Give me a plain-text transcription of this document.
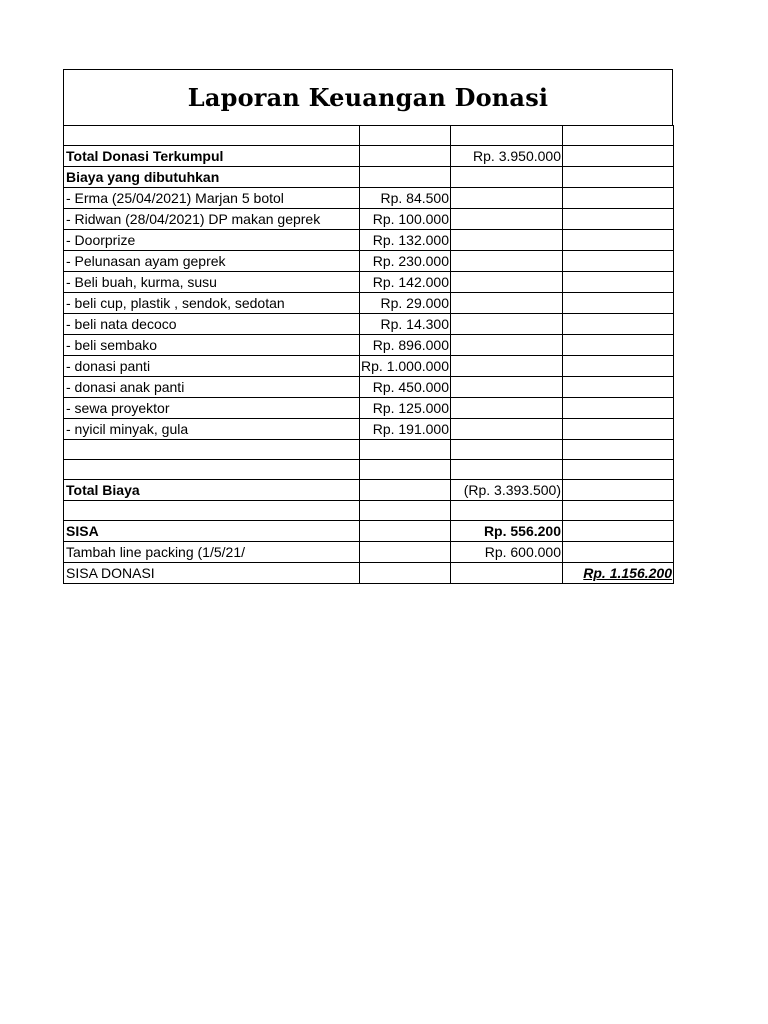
Laporan Keuangan Donasi

Total Donasi Terkumpul		Rp. 3.950.000	
Biaya yang dibutuhkan			
- Erma (25/04/2021) Marjan 5 botol	Rp. 84.500		
- Ridwan (28/04/2021) DP makan geprek	Rp. 100.000		
- Doorprize	Rp. 132.000		
- Pelunasan ayam geprek	Rp. 230.000		
- Beli buah, kurma, susu	Rp. 142.000		
- beli cup, plastik , sendok, sedotan	Rp. 29.000		
- beli nata decoco	Rp. 14.300		
- beli sembako	Rp. 896.000		
- donasi panti	Rp. 1.000.000		
- donasi anak panti	Rp. 450.000		
- sewa proyektor	Rp. 125.000		
- nyicil minyak, gula	Rp. 191.000		

Total Biaya		(Rp. 3.393.500)	

SISA		Rp. 556.200	
Tambah line packing (1/5/21/		Rp. 600.000	
SISA DONASI			Rp. 1.156.200
